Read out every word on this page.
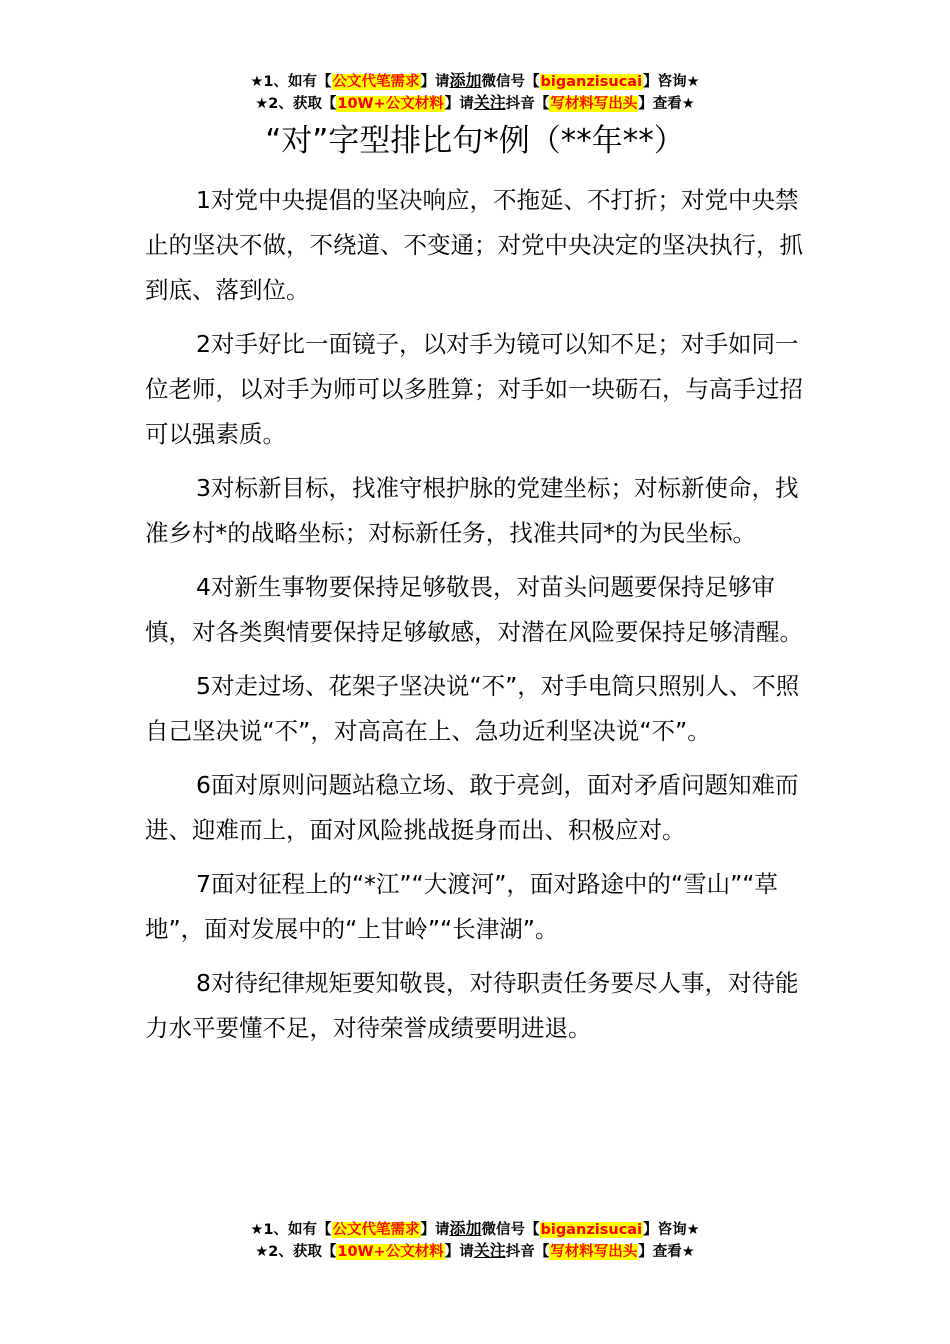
★1、如有【公文代笔需求】请添加微信号【biganzisucai】咨询★
★2、获取【10W+公文材料】请关注抖音【写材料写出头】查看★
“对”字型排比句*例（**年**）

1对党中央提倡的坚决响应，不拖延、不打折；对党中央禁止的坚决不做，不绕道、不变通；对党中央决定的坚决执行，抓到底、落到位。

2对手好比一面镜子，以对手为镜可以知不足；对手如同一位老师，以对手为师可以多胜算；对手如一块砺石，与高手过招可以强素质。

3对标新目标，找准守根护脉的党建坐标；对标新使命，找准乡村*的战略坐标；对标新任务，找准共同*的为民坐标。

4对新生事物要保持足够敬畏，对苗头问题要保持足够审慎，对各类舆情要保持足够敏感，对潜在风险要保持足够清醒。

5对走过场、花架子坚决说“不”，对手电筒只照别人、不照自己坚决说“不”，对高高在上、急功近利坚决说“不”。

6面对原则问题站稳立场、敢于亮剑，面对矛盾问题知难而进、迎难而上，面对风险挑战挺身而出、积极应对。

7面对征程上的“*江”“大渡河”，面对路途中的“雪山”“草地”，面对发展中的“上甘岭”“长津湖”。

8对待纪律规矩要知敬畏，对待职责任务要尽人事，对待能力水平要懂不足，对待荣誉成绩要明进退。

★1、如有【公文代笔需求】请添加微信号【biganzisucai】咨询★
★2、获取【10W+公文材料】请关注抖音【写材料写出头】查看★
